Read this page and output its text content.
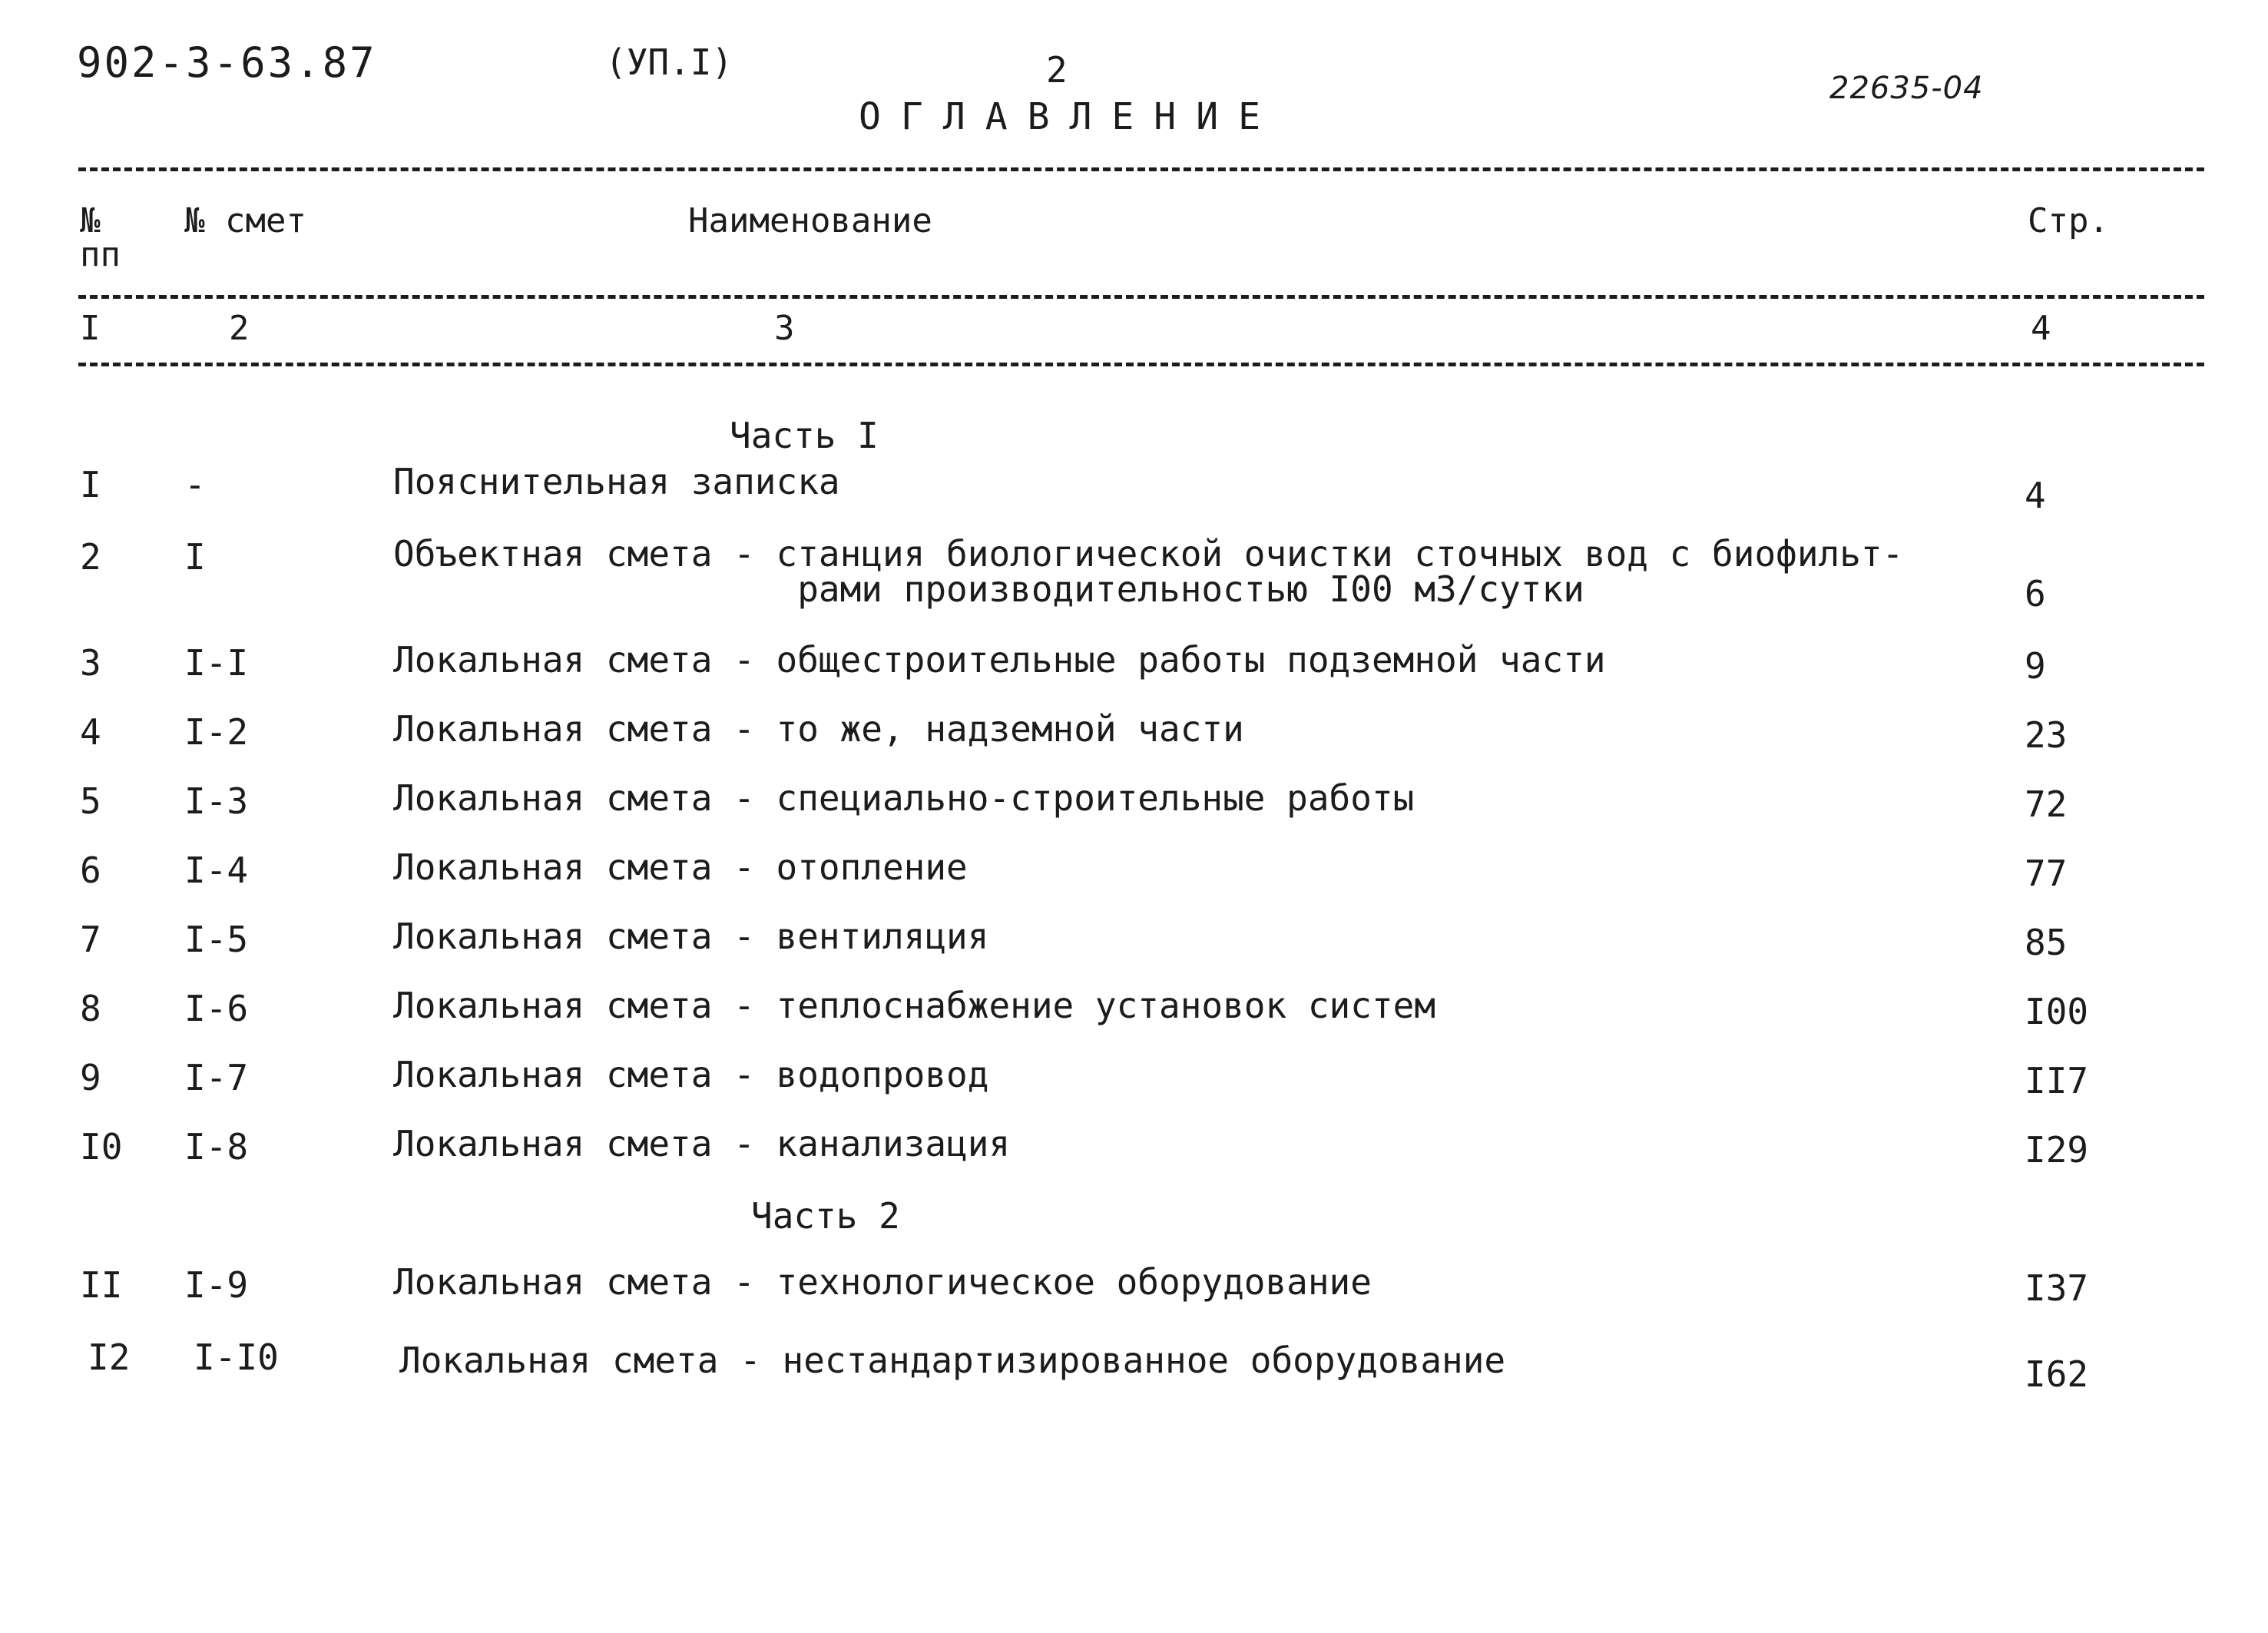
902-3-63.87	(УП.I)	2
ОГЛАВЛЕНИЕ
22635-04
№
пп
№ смет	Наименование	Стр.
I	2	3	4
Часть I
I -	Пояснительная записка	4
2 I	Объектная смета - станция биологической очистки сточных вод с биофильт-
рами производительностью I00 м3/сутки	6
3 I-I	Локальная смета - общестроительные работы подземной части	9
4 I-2	Локальная смета - то же, надземной части	23
5 I-3	Локальная смета - специально-строительные работы	72
6 I-4	Локальная смета - отопление	77
7 I-5	Локальная смета - вентиляция	85
8 I-6	Локальная смета - теплоснабжение установок систем	I00
9 I-7	Локальная смета - водопровод	II7
I0 I-8	Локальная смета - канализация	I29
Часть 2
II I-9	Локальная смета - технологическое оборудование	I37
I2 I-I0	Локальная смета - нестандартизированное оборудование	I62
